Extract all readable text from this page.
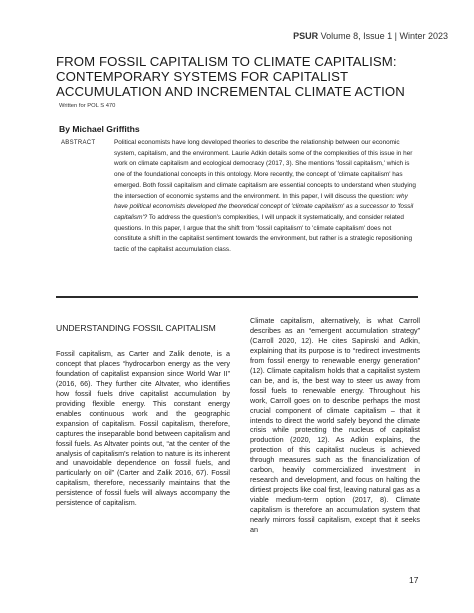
PSUR Volume 8, Issue 1 | Winter 2023
FROM FOSSIL CAPITALISM TO CLIMATE CAPITALISM: CONTEMPORARY SYSTEMS FOR CAPITALIST ACCUMULATION AND INCREMENTAL CLIMATE ACTION
Written for POL S 470
By Michael Griffiths
ABSTRACT	Political economists have long developed theories to describe the relationship between our economic system, capitalism, and the environment. Laurie Adkin details some of the complexities of this issue in her work on climate capitalism and ecological democracy (2017, 3). She mentions 'fossil capitalism,' which is one of the foundational concepts in this ontology. More recently, the concept of 'climate capitalism' has emerged. Both fossil capitalism and climate capitalism are essential concepts to understand when studying the intersection of economic systems and the environment. In this paper, I will discuss the question: why have political economists developed the theoretical concept of 'climate capitalism' as a successor to 'fossil capitalism'? To address the question's complexities, I will unpack it systematically, and consider related questions. In this paper, I argue that the shift from 'fossil capitalism' to 'climate capitalism' does not constitute a shift in the capitalist sentiment towards the environment, but rather is a strategic repositioning tactic of the capitalist accumulation class.
UNDERSTANDING FOSSIL CAPITALISM
Fossil capitalism, as Carter and Zalik denote, is a concept that places “hydrocarbon energy as the very foundation of capitalist expansion since World War II” (2016, 66). They further cite Altvater, who identifies how fossil fuels drive capitalist accumulation by providing flexible energy. This constant energy enables continuous work and the geographic expansion of capitalism. Fossil capitalism, therefore, captures the inseparable bond between capitalism and fossil fuels. As Altvater points out, “at the center of the analysis of capitalism's relation to nature is its inherent and unavoidable dependence on fossil fuels, and particularly on oil” (Carter and Zalik 2016, 67). Fossil capitalism, therefore, necessarily maintains that the persistence of fossil fuels will always accompany the persistence of capitalism.
Climate capitalism, alternatively, is what Carroll describes as an “emergent accumulation strategy” (Carroll 2020, 12). He cites Sapinski and Adkin, explaining that its purpose is to “redirect investments from fossil energy to renewable energy generation” (12). Climate capitalism holds that a capitalist system can be, and is, the best way to steer us away from fossil fuels to renewable energy. Throughout his work, Carroll goes on to describe perhaps the most crucial component of climate capitalism – that it intends to direct the world safely beyond the climate crisis while protecting the nucleus of capitalist production (2020, 12). As Adkin explains, the protection of this capitalist nucleus is achieved through measures such as the financialization of carbon, heavily commercialized investment in research and development, and focus on halting the dirtiest projects like coal first, leaving natural gas as a viable medium-term option (2017, 8). Climate capitalism is therefore an accumulation system that nearly mirrors fossil capitalism, except that it seeks an
17
